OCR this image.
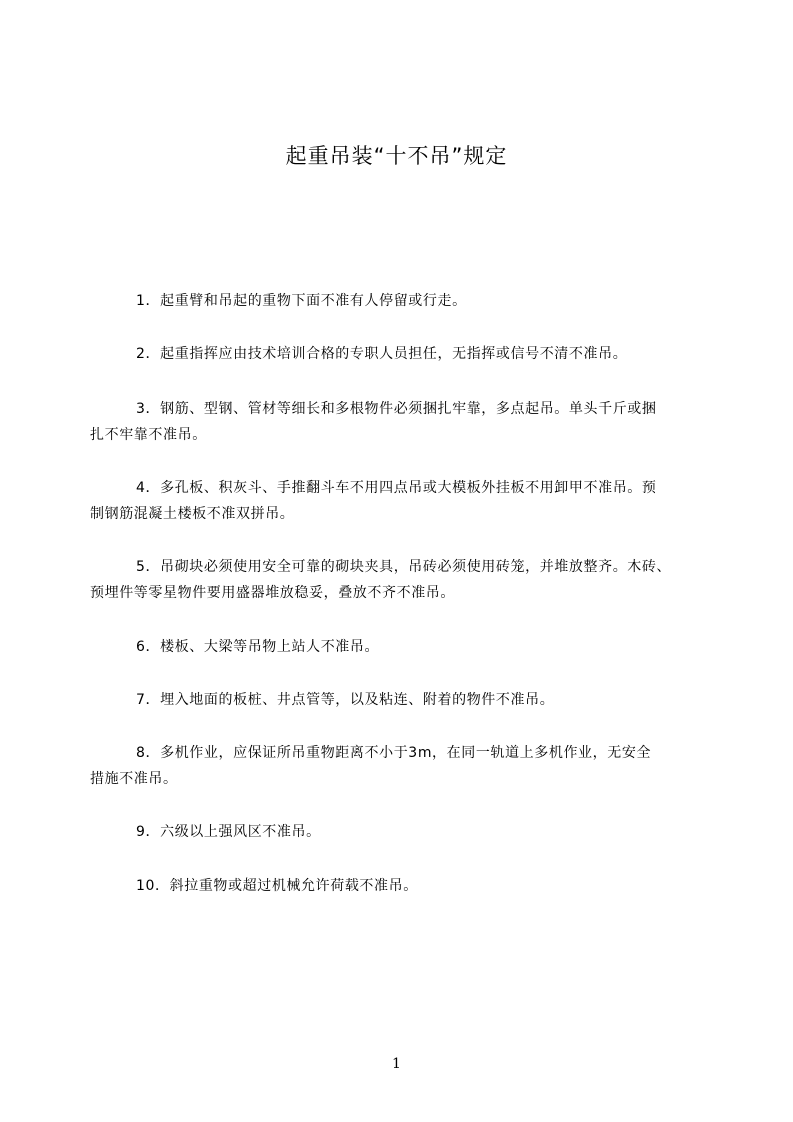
起重吊装“十不吊”规定
1．起重臂和吊起的重物下面不准有人停留或行走。
2．起重指挥应由技术培训合格的专职人员担任，无指挥或信号不清不准吊。
3．钢筋、型钢、管材等细长和多根物件必须捆扎牢靠，多点起吊。单头千斤或捆
扎不牢靠不准吊。
4．多孔板、积灰斗、手推翻斗车不用四点吊或大模板外挂板不用卸甲不准吊。预
制钢筋混凝土楼板不准双拼吊。
5．吊砌块必须使用安全可靠的砌块夹具，吊砖必须使用砖笼，并堆放整齐。木砖、
预埋件等零星物件要用盛器堆放稳妥，叠放不齐不准吊。
6．楼板、大梁等吊物上站人不准吊。
7．埋入地面的板桩、井点管等，以及粘连、附着的物件不准吊。
8．多机作业，应保证所吊重物距离不小于3m，在同一轨道上多机作业，无安全
措施不准吊。
9．六级以上强风区不准吊。
10．斜拉重物或超过机械允许荷载不准吊。
1
